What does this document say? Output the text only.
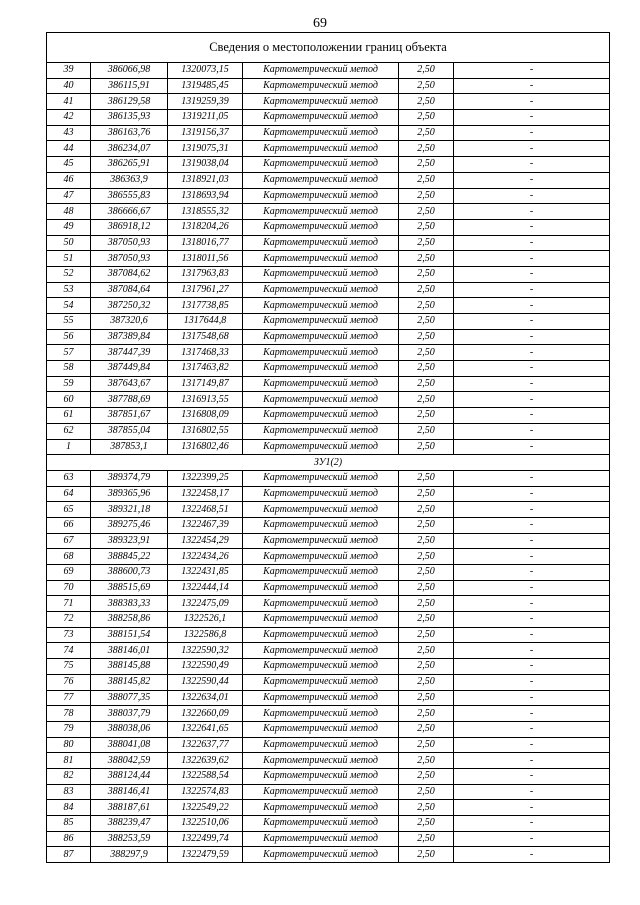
69
Сведения о местоположении границ объекта					
39	386066,98	1320073,15	Картометрический метод	2,50	-
40	386115,91	1319485,45	Картометрический метод	2,50	-
41	386129,58	1319259,39	Картометрический метод	2,50	-
42	386135,93	1319211,05	Картометрический метод	2,50	-
43	386163,76	1319156,37	Картометрический метод	2,50	-
44	386234,07	1319075,31	Картометрический метод	2,50	-
45	386265,91	1319038,04	Картометрический метод	2,50	-
46	386363,9	1318921,03	Картометрический метод	2,50	-
47	386555,83	1318693,94	Картометрический метод	2,50	-
48	386666,67	1318555,32	Картометрический метод	2,50	-
49	386918,12	1318204,26	Картометрический метод	2,50	-
50	387050,93	1318016,77	Картометрический метод	2,50	-
51	387050,93	1318011,56	Картометрический метод	2,50	-
52	387084,62	1317963,83	Картометрический метод	2,50	-
53	387084,64	1317961,27	Картометрический метод	2,50	-
54	387250,32	1317738,85	Картометрический метод	2,50	-
55	387320,6	1317644,8	Картометрический метод	2,50	-
56	387389,84	1317548,68	Картометрический метод	2,50	-
57	387447,39	1317468,33	Картометрический метод	2,50	-
58	387449,84	1317463,82	Картометрический метод	2,50	-
59	387643,67	1317149,87	Картометрический метод	2,50	-
60	387788,69	1316913,55	Картометрический метод	2,50	-
61	387851,67	1316808,09	Картометрический метод	2,50	-
62	387855,04	1316802,55	Картометрический метод	2,50	-
1	387853,1	1316802,46	Картометрический метод	2,50	-
ЗУ1(2)					
63	389374,79	1322399,25	Картометрический метод	2,50	-
64	389365,96	1322458,17	Картометрический метод	2,50	-
65	389321,18	1322468,51	Картометрический метод	2,50	-
66	389275,46	1322467,39	Картометрический метод	2,50	-
67	389323,91	1322454,29	Картометрический метод	2,50	-
68	388845,22	1322434,26	Картометрический метод	2,50	-
69	388600,73	1322431,85	Картометрический метод	2,50	-
70	388515,69	1322444,14	Картометрический метод	2,50	-
71	388383,33	1322475,09	Картометрический метод	2,50	-
72	388258,86	1322526,1	Картометрический метод	2,50	-
73	388151,54	1322586,8	Картометрический метод	2,50	-
74	388146,01	1322590,32	Картометрический метод	2,50	-
75	388145,88	1322590,49	Картометрический метод	2,50	-
76	388145,82	1322590,44	Картометрический метод	2,50	-
77	388077,35	1322634,01	Картометрический метод	2,50	-
78	388037,79	1322660,09	Картометрический метод	2,50	-
79	388038,06	1322641,65	Картометрический метод	2,50	-
80	388041,08	1322637,77	Картометрический метод	2,50	-
81	388042,59	1322639,62	Картометрический метод	2,50	-
82	388124,44	1322588,54	Картометрический метод	2,50	-
83	388146,41	1322574,83	Картометрический метод	2,50	-
84	388187,61	1322549,22	Картометрический метод	2,50	-
85	388239,47	1322510,06	Картометрический метод	2,50	-
86	388253,59	1322499,74	Картометрический метод	2,50	-
87	388297,9	1322479,59	Картометрический метод	2,50	-
